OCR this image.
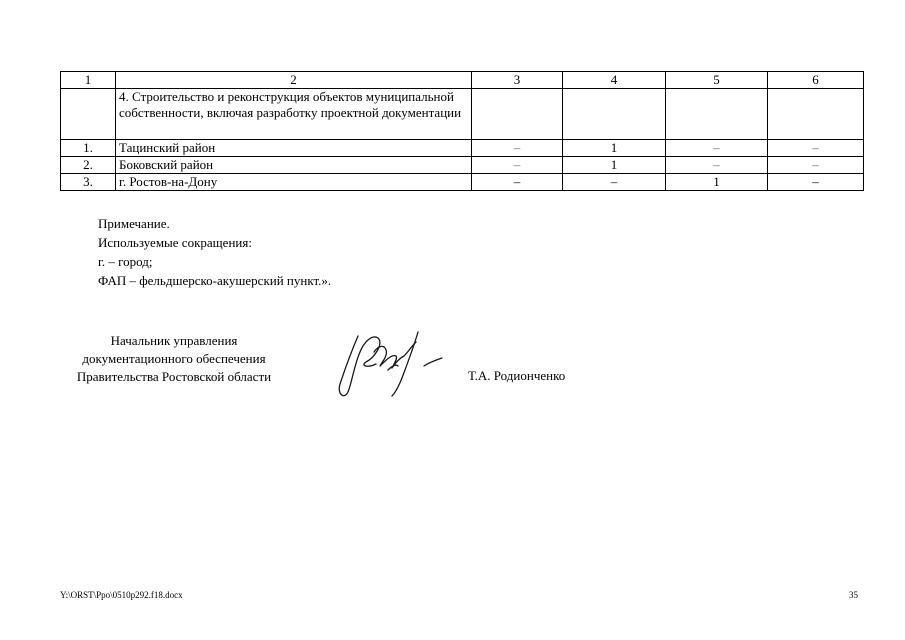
1	2	3	4	5	6
	4. Строительство и реконструкция объектов муниципальной собственности, включая разработку проектной документации				
1.	Тацинский район	–	1	–	–
2.	Боковский район	–	1	–	–
3.	г. Ростов-на-Дону	–	–	1	–
Примечание.
Используемые сокращения:
г. – город;
ФАП – фельдшерско-акушерский пункт.».
Начальник управления
документационного обеспечения
Правительства Ростовской области	Т.А. Родионченко
Y:\ORST\Ppo\0510p292.f18.docx	35
